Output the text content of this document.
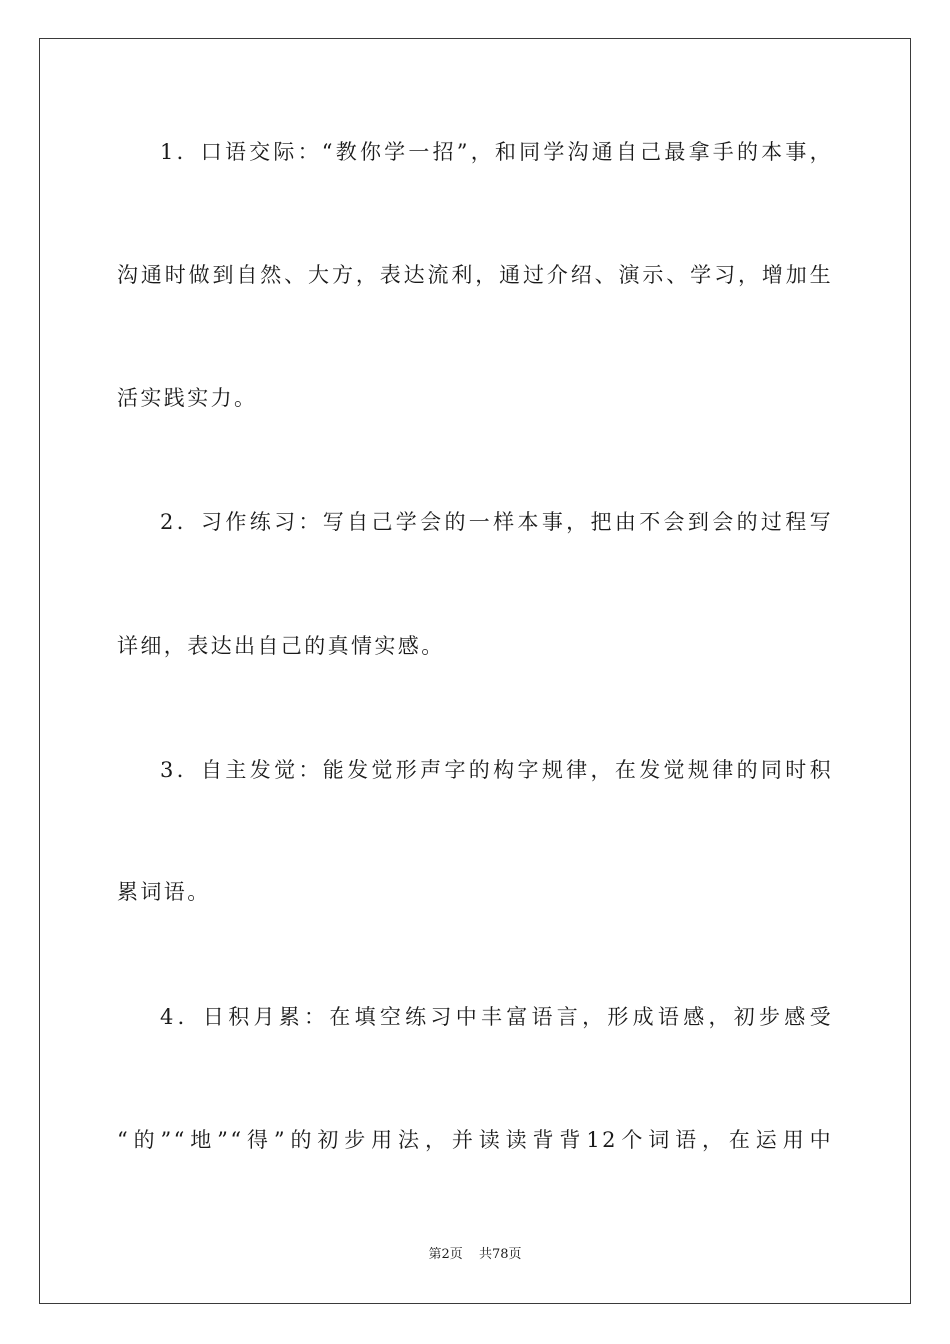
1．口语交际：“教你学一招”，和同学沟通自己最拿手的本事，
沟通时做到自然、大方，表达流利，通过介绍、演示、学习，增加生
活实践实力。
2．习作练习：写自己学会的一样本事，把由不会到会的过程写
详细，表达出自己的真情实感。
3．自主发觉：能发觉形声字的构字规律，在发觉规律的同时积
累词语。
4．日积月累：在填空练习中丰富语言，形成语感，初步感受
“的”“地”“得”的初步用法，并读读背背12个词语，在运用中
第2页 共78页
